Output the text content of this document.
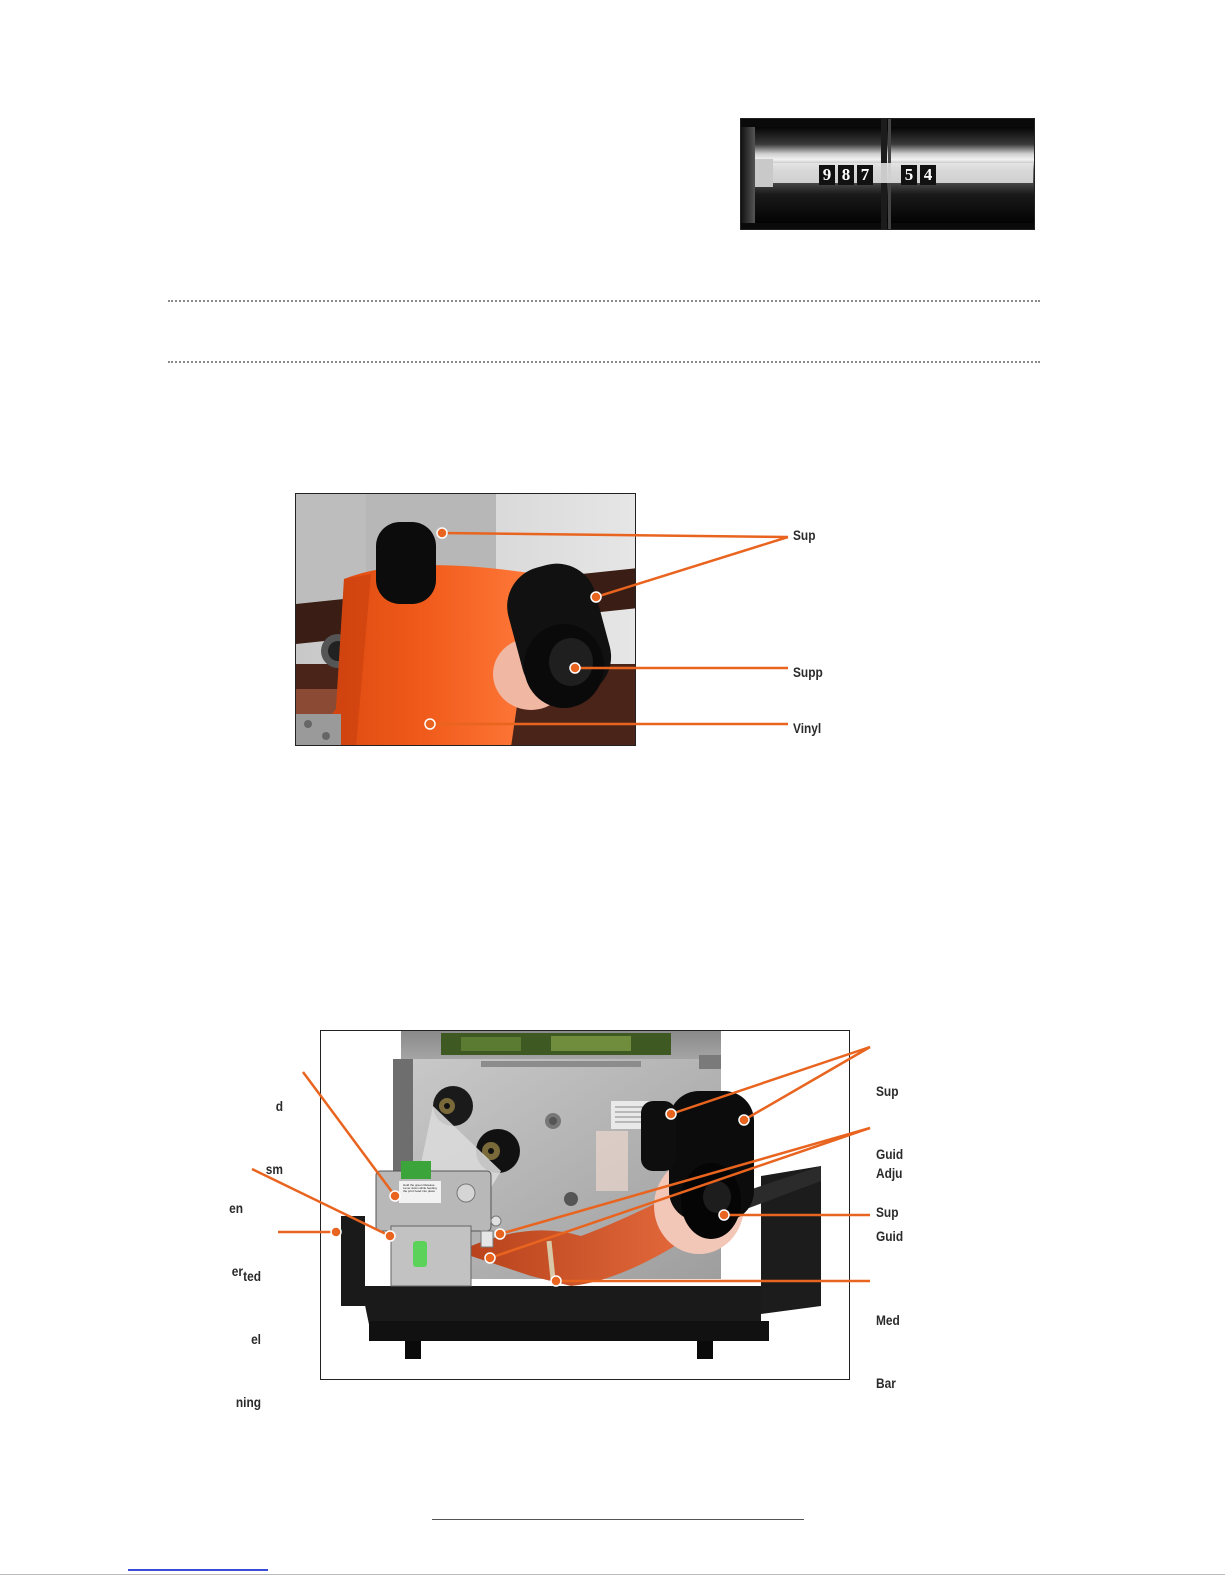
9 8 7 5 4
Sup
Supp
Vinyl
Hold the green Release Lever down while feeding the print head into place

Sup

Guid

Adju

Guid

Sup

Med

Bar

d

sm

en

er

ted

el

ning
